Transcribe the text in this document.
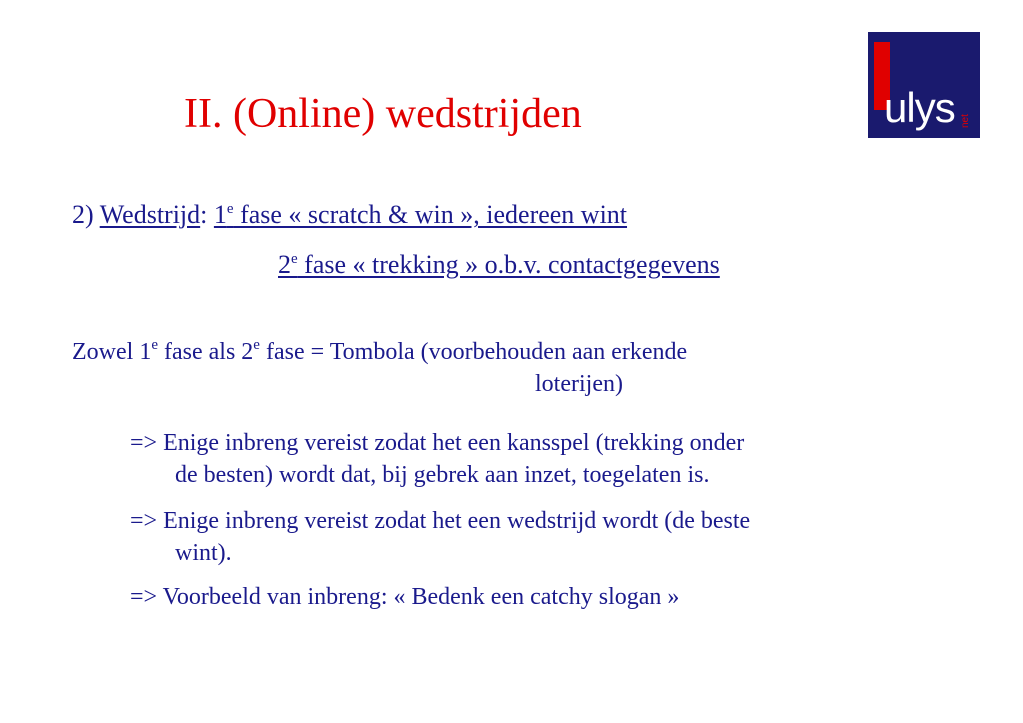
II. (Online) wedstrijden	ulys net
2) Wedstrijd: 1e fase « scratch & win », iedereen wint
2e fase « trekking » o.b.v. contactgegevens
Zowel 1e fase als 2e fase = Tombola (voorbehouden aan erkende
loterijen)
=> Enige inbreng vereist zodat het een kansspel (trekking onder
de besten) wordt dat, bij gebrek aan inzet, toegelaten is.
=> Enige inbreng vereist zodat het een wedstrijd wordt (de beste
wint).
=> Voorbeeld van inbreng: « Bedenk een catchy slogan »
